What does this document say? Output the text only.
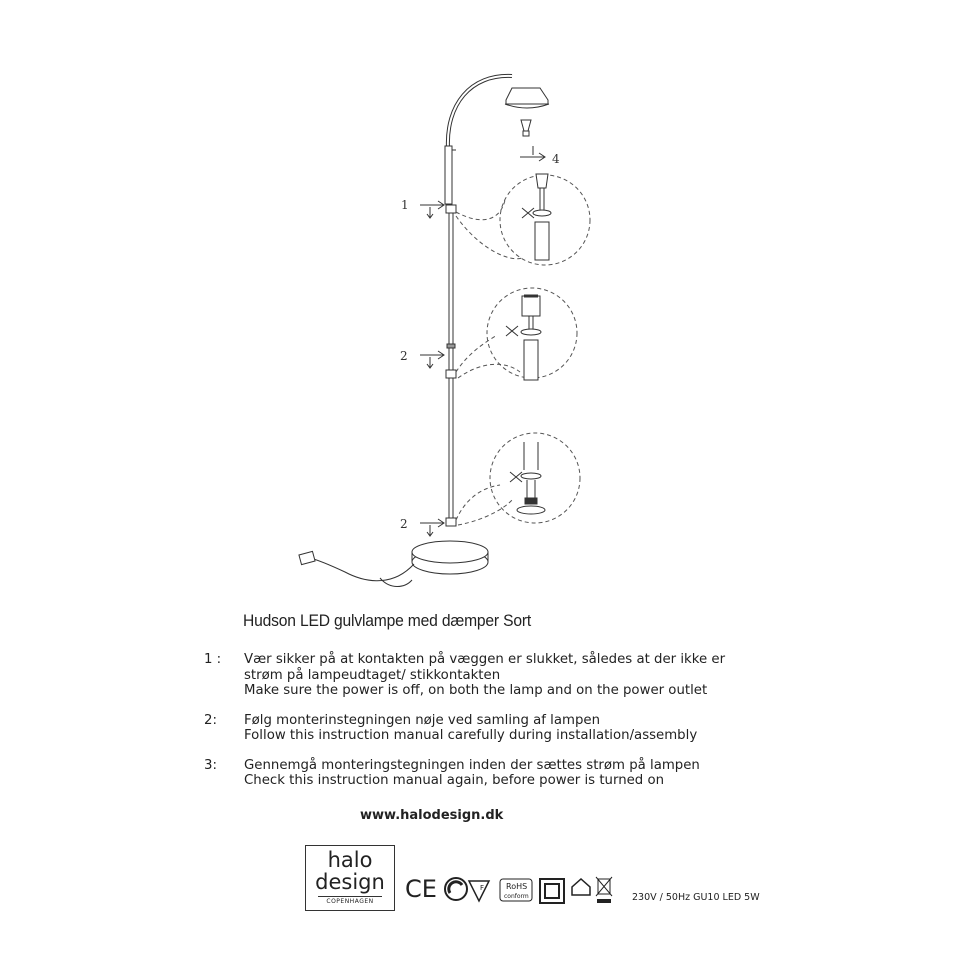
1
2
2
4
Hudson LED gulvlampe med dæmper Sort
1 :	Vær sikker på at kontakten på væggen er slukket, således at der ikke er
strøm på lampeudtaget/ stikkontakten
Make sure the power is off, on both the lamp and on the power outlet
2:	Følg monterinstegningen nøje ved samling af lampen
Follow this instruction manual carefully during installation/assembly
3:	Gennemgå monteringstegningen inden der sættes strøm på lampen
Check this instruction manual again, before power is turned on
www.halodesign.dk
halo
design
COPENHAGEN	CE	F	RoHS
conform	230V / 50Hz GU10 LED 5W
